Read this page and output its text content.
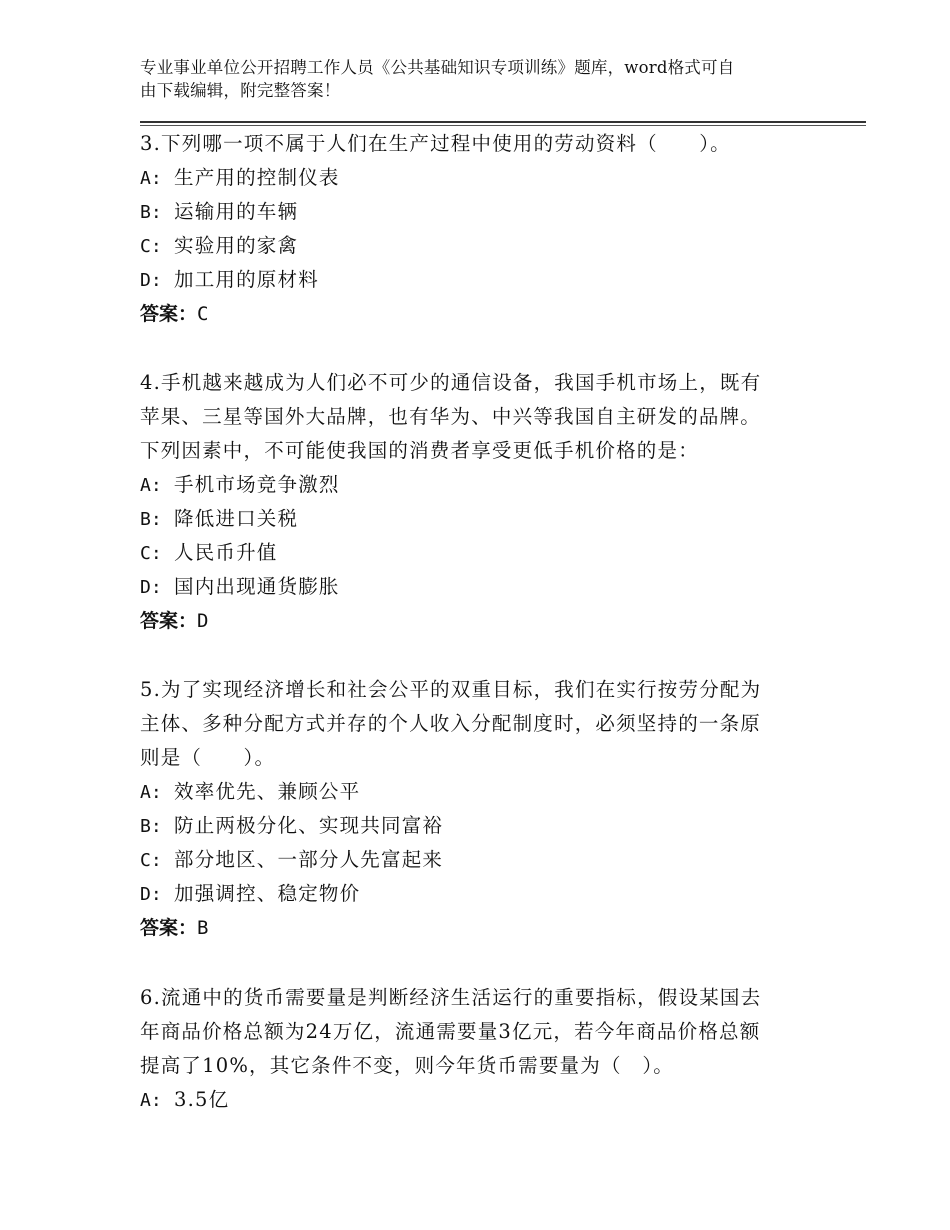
专业事业单位公开招聘工作人员《公共基础知识专项训练》题库，word格式可自
由下载编辑，附完整答案！
3.下列哪一项不属于人们在生产过程中使用的劳动资料（　　）。
A: 生产用的控制仪表
B: 运输用的车辆
C: 实验用的家禽
D: 加工用的原材料
答案：C
4.手机越来越成为人们必不可少的通信设备，我国手机市场上，既有
苹果、三星等国外大品牌，也有华为、中兴等我国自主研发的品牌。
下列因素中，不可能使我国的消费者享受更低手机价格的是：
A: 手机市场竞争激烈
B: 降低进口关税
C: 人民币升值
D: 国内出现通货膨胀
答案：D
5.为了实现经济增长和社会公平的双重目标，我们在实行按劳分配为
主体、多种分配方式并存的个人收入分配制度时，必须坚持的一条原
则是（　　）。
A: 效率优先、兼顾公平
B: 防止两极分化、实现共同富裕
C: 部分地区、一部分人先富起来
D: 加强调控、稳定物价
答案：B
6.流通中的货币需要量是判断经济生活运行的重要指标，假设某国去
年商品价格总额为24万亿，流通需要量3亿元，若今年商品价格总额
提高了10%，其它条件不变，则今年货币需要量为（　）。
A: 3.5亿
